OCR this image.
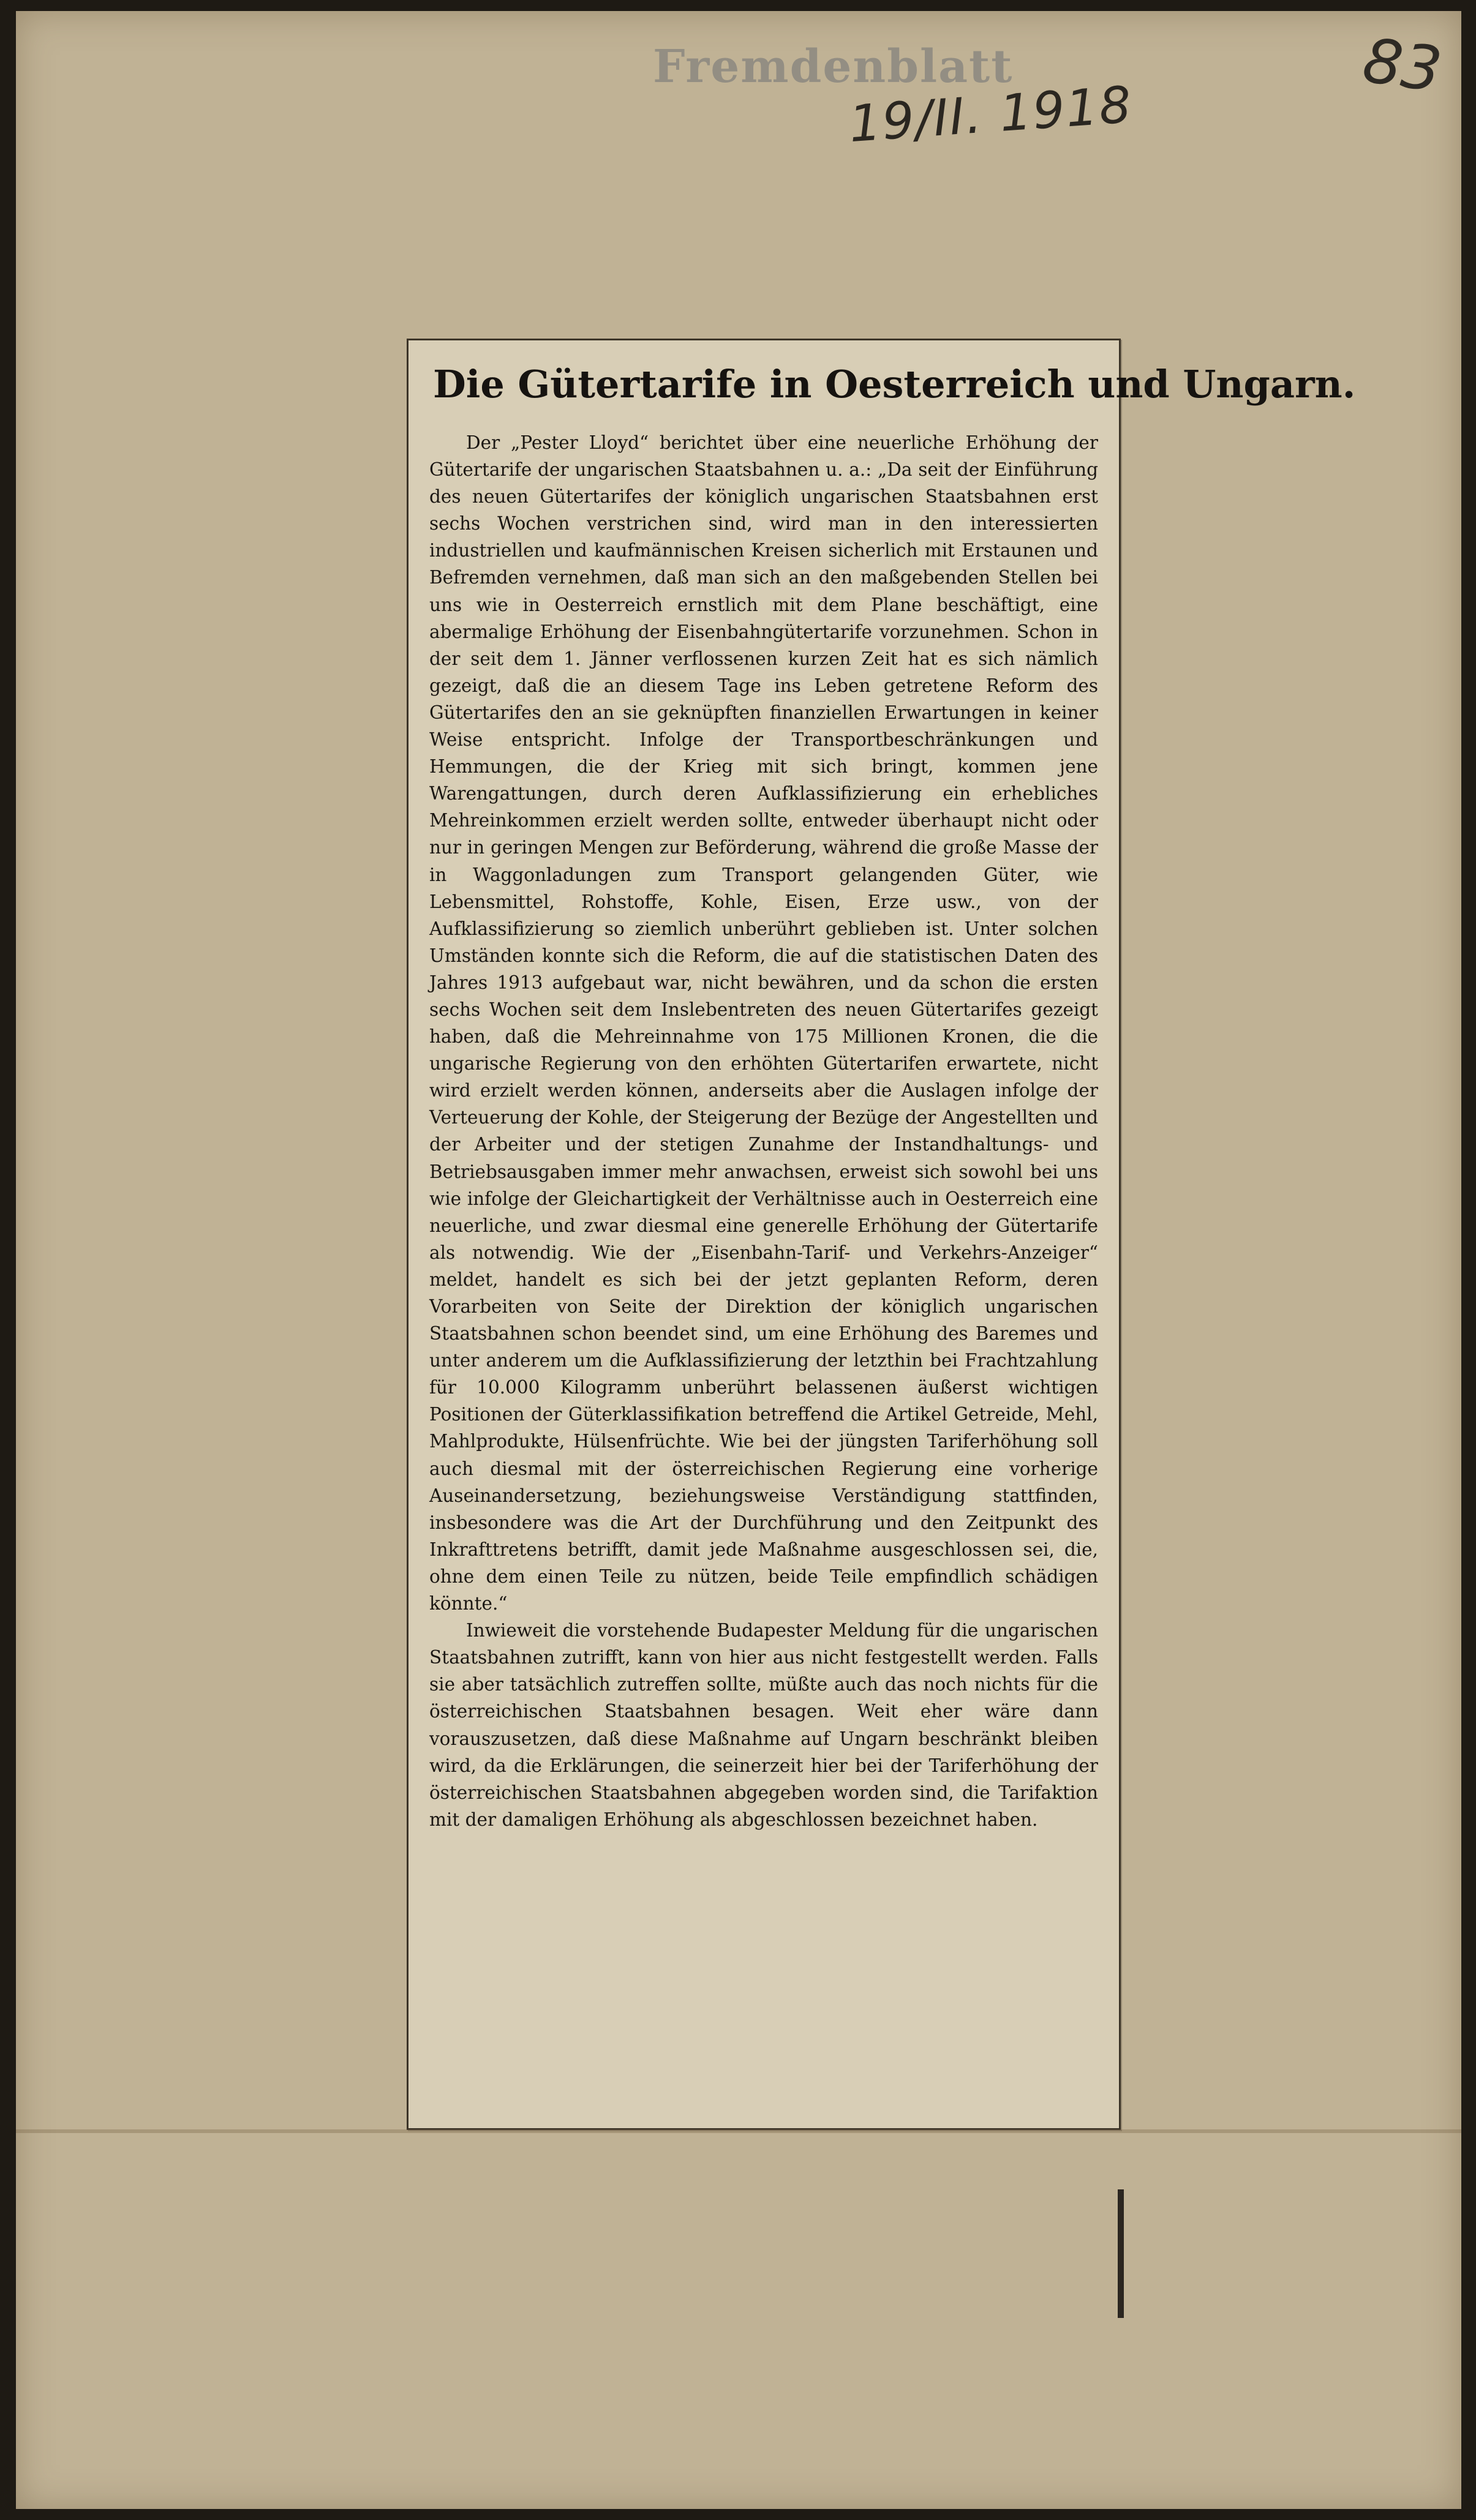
Fremdenblatt
19/II. 1918
83
Die Gütertarife in Oesterreich und Ungarn.

Der „Pester Lloyd“ berichtet über eine neuerliche Erhöhung der Gütertarife der ungarischen Staatsbahnen u. a.: „Da seit der Einführung des neuen Gütertarifes der königlich ungarischen Staatsbahnen erst sechs Wochen verstrichen sind, wird man in den interessierten industriellen und kaufmännischen Kreisen sicherlich mit Erstaunen und Befremden vernehmen, daß man sich an den maßgebenden Stellen bei uns wie in Oesterreich ernstlich mit dem Plane beschäftigt, eine abermalige Erhöhung der Eisenbahngütertarife vorzunehmen. Schon in der seit dem 1. Jänner verflossenen kurzen Zeit hat es sich nämlich gezeigt, daß die an diesem Tage ins Leben getretene Reform des Gütertarifes den an sie geknüpften finanziellen Erwartungen in keiner Weise entspricht. Infolge der Transportbeschränkungen und Hemmungen, die der Krieg mit sich bringt, kommen jene Warengattungen, durch deren Aufklassifizierung ein erhebliches Mehreinkommen erzielt werden sollte, entweder überhaupt nicht oder nur in geringen Mengen zur Beförderung, während die große Masse der in Waggonladungen zum Transport gelangenden Güter, wie Lebensmittel, Rohstoffe, Kohle, Eisen, Erze usw., von der Aufklassifizierung so ziemlich unberührt geblieben ist. Unter solchen Umständen konnte sich die Reform, die auf die statistischen Daten des Jahres 1913 aufgebaut war, nicht bewähren, und da schon die ersten sechs Wochen seit dem Inslebentreten des neuen Gütertarifes gezeigt haben, daß die Mehreinnahme von 175 Millionen Kronen, die die ungarische Regierung von den erhöhten Gütertarifen erwartete, nicht wird erzielt werden können, anderseits aber die Auslagen infolge der Verteuerung der Kohle, der Steigerung der Bezüge der Angestellten und der Arbeiter und der stetigen Zunahme der Instandhaltungs- und Betriebsausgaben immer mehr anwachsen, erweist sich sowohl bei uns wie infolge der Gleichartigkeit der Verhältnisse auch in Oesterreich eine neuerliche, und zwar diesmal eine generelle Erhöhung der Gütertarife als notwendig. Wie der „Eisenbahn-Tarif- und Verkehrs-Anzeiger“ meldet, handelt es sich bei der jetzt geplanten Reform, deren Vorarbeiten von Seite der Direktion der königlich ungarischen Staatsbahnen schon beendet sind, um eine Erhöhung des Baremes und unter anderem um die Aufklassifizierung der letzthin bei Frachtzahlung für 10.000 Kilogramm unberührt belassenen äußerst wichtigen Positionen der Güterklassifikation betreffend die Artikel Getreide, Mehl, Mahlprodukte, Hülsenfrüchte. Wie bei der jüngsten Tariferhöhung soll auch diesmal mit der österreichischen Regierung eine vorherige Auseinandersetzung, beziehungsweise Verständigung stattfinden, insbesondere was die Art der Durchführung und den Zeitpunkt des Inkrafttretens betrifft, damit jede Maßnahme ausgeschlossen sei, die, ohne dem einen Teile zu nützen, beide Teile empfindlich schädigen könnte.“

Inwieweit die vorstehende Budapester Meldung für die ungarischen Staatsbahnen zutrifft, kann von hier aus nicht festgestellt werden. Falls sie aber tatsächlich zutreffen sollte, müßte auch das noch nichts für die österreichischen Staatsbahnen besagen. Weit eher wäre dann vorauszusetzen, daß diese Maßnahme auf Ungarn beschränkt bleiben wird, da die Erklärungen, die seinerzeit hier bei der Tariferhöhung der österreichischen Staatsbahnen abgegeben worden sind, die Tarifaktion mit der damaligen Erhöhung als abgeschlossen bezeichnet haben.
